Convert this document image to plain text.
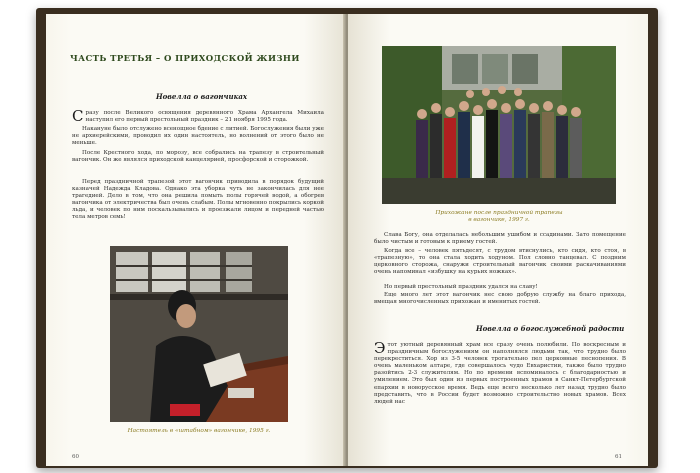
ЧАСТЬ ТРЕТЬЯ – О ПРИХОДСКОЙ ЖИЗНИ
Новелла о вагончиках
Сразу после Великого освящения деревянного Храма Архангела Михаила наступил его первый престольный праздник – 21 ноября 1995 года.
Накануне было отслужено всенощное бдение с литией. Богослужения были уже не архиерейскими, проводил их один настоятель, но волнений от этого было не меньше.
После Крестного хода, по морозу, все собрались на трапезу в строительный вагончик. Он же являлся приходской канцелярией, просфорской и сторожкой.
Перед праздничной трапезой этот вагончик приводила в порядок будущий казначей Надежда Кладова. Однако эта уборка чуть не закончилась для нее трагедией. Дело в том, что она решила помыть полы горячей водой, а обогрев вагончика от электричества был очень слабым. Полы мгновенно покрылись коркой льда, и человек по ним поскальзывались и проезжали лицом и передней частью тела метров семь!
Настоятель в «штабном» вагончике, 1995 г.
60
Прихожане после праздничной трапезы
в вагончике, 1997 г.
Слава Богу, она отделалась небольшим ушибом и ссадинами. Зато помещение было чистым и готовым к приему гостей.
Когда все – человек пятьдесят, с трудом втиснулись, кто сидя, кто стоя, в «трапезную», то она стала ходить ходуном. Пол словно танцевал. С поздним церковного сторожа, снаружи строительный вагончик своими раскачиваниями очень напоминал «избушку на курьих ножках».
Но первый престольный праздник удался на славу!
Еще много лет этот вагончик нес свою добрую службу на благо прихода, вмещая многочисленных прихожан и именитых гостей.
Новелла о богослужебной радости
Этот уютный деревянный храм все сразу очень полюбили. По воскресным и праздничным богослужениям он наполнялся людьми так, что трудно было перекреститься. Хор из 3-5 человек трогательно пел церковные песнопения. В очень маленьком алтаре, где совершалось чудо Евхаристии, также было трудно разойтись 2-3 служителям. Но по времени вспоминалось с благодарностью и умилением. Это был один из первых построенных храмов в Санкт-Петербургской епархии в новорусское время. Ведь еще всего несколько лет назад трудно было представить, что в России будет возможно строительство новых храмов. Всех людей нас
61
